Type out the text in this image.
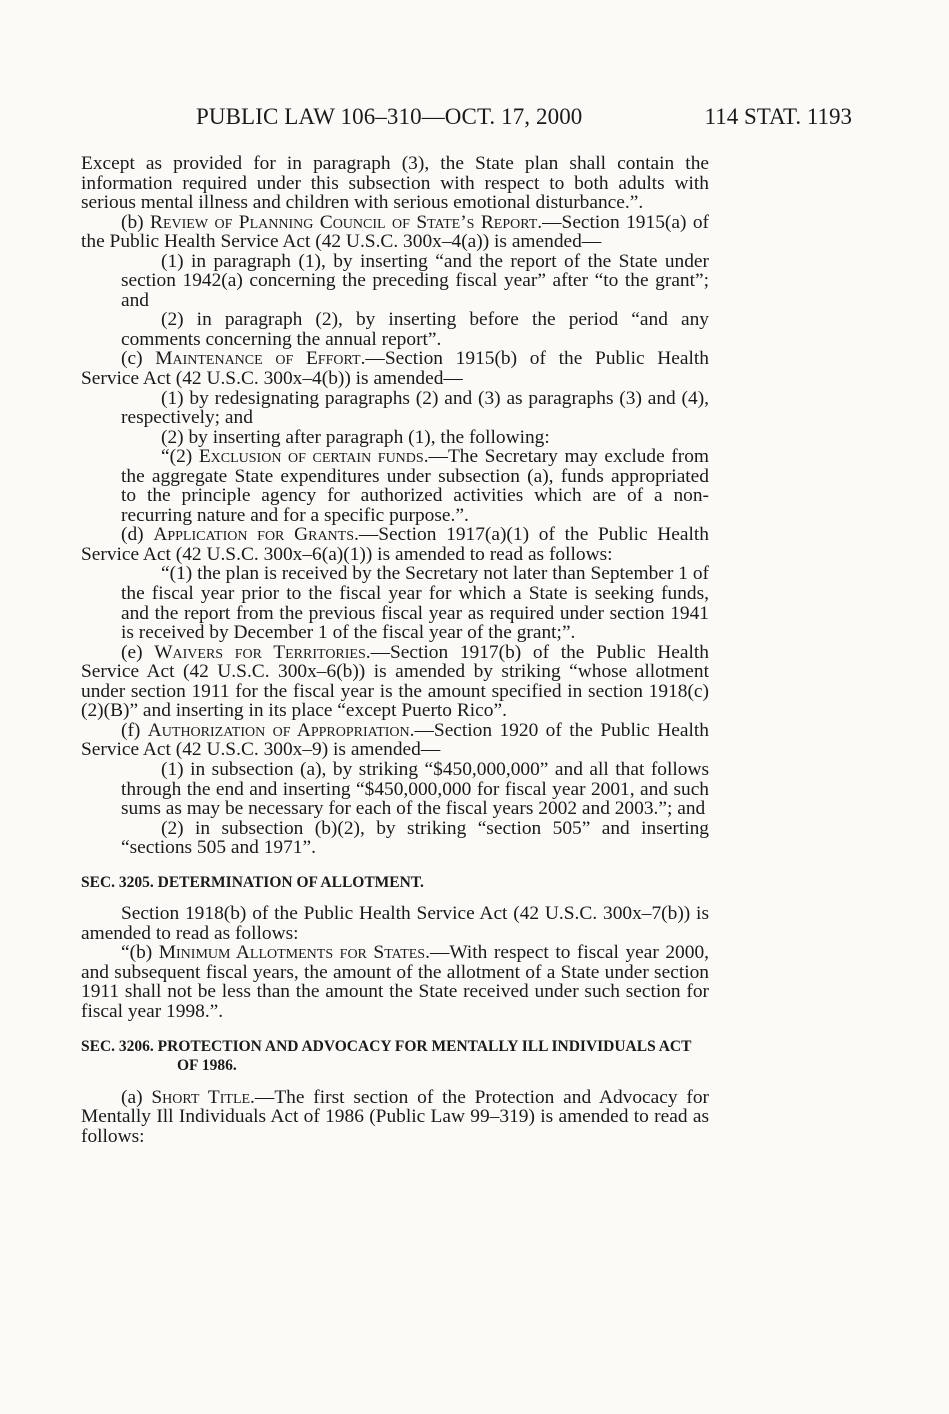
PUBLIC LAW 106–310—OCT. 17, 2000	114 STAT. 1193

Except as provided for in paragraph (3), the State plan shall contain the information required under this subsection with respect to both adults with serious mental illness and children with serious emotional disturbance.”.

(b) Review of Planning Council of State’s Report.—Section 1915(a) of the Public Health Service Act (42 U.S.C. 300x–4(a)) is amended—

(1) in paragraph (1), by inserting “and the report of the State under section 1942(a) concerning the preceding fiscal year” after “to the grant”; and

(2) in paragraph (2), by inserting before the period “and any comments concerning the annual report”.

(c) Maintenance of Effort.—Section 1915(b) of the Public Health Service Act (42 U.S.C. 300x–4(b)) is amended—

(1) by redesignating paragraphs (2) and (3) as paragraphs (3) and (4), respectively; and

(2) by inserting after paragraph (1), the following:

“(2) Exclusion of certain funds.—The Secretary may exclude from the aggregate State expenditures under subsection (a), funds appropriated to the principle agency for authorized activities which are of a non-recurring nature and for a specific purpose.”.

(d) Application for Grants.—Section 1917(a)(1) of the Public Health Service Act (42 U.S.C. 300x–6(a)(1)) is amended to read as follows:

“(1) the plan is received by the Secretary not later than September 1 of the fiscal year prior to the fiscal year for which a State is seeking funds, and the report from the previous fiscal year as required under section 1941 is received by December 1 of the fiscal year of the grant;”.

(e) Waivers for Territories.—Section 1917(b) of the Public Health Service Act (42 U.S.C. 300x–6(b)) is amended by striking “whose allotment under section 1911 for the fiscal year is the amount specified in section 1918(c)(2)(B)” and inserting in its place “except Puerto Rico”.

(f) Authorization of Appropriation.—Section 1920 of the Public Health Service Act (42 U.S.C. 300x–9) is amended—

(1) in subsection (a), by striking “$450,000,000” and all that follows through the end and inserting “$450,000,000 for fiscal year 2001, and such sums as may be necessary for each of the fiscal years 2002 and 2003.”; and

(2) in subsection (b)(2), by striking “section 505” and inserting “sections 505 and 1971”.

SEC. 3205. DETERMINATION OF ALLOTMENT.

Section 1918(b) of the Public Health Service Act (42 U.S.C. 300x–7(b)) is amended to read as follows:

“(b) Minimum Allotments for States.—With respect to fiscal year 2000, and subsequent fiscal years, the amount of the allotment of a State under section 1911 shall not be less than the amount the State received under such section for fiscal year 1998.”.

SEC. 3206. PROTECTION AND ADVOCACY FOR MENTALLY ILL INDIVIDUALS ACT OF 1986.

(a) Short Title.—The first section of the Protection and Advocacy for Mentally Ill Individuals Act of 1986 (Public Law 99–319) is amended to read as follows:
